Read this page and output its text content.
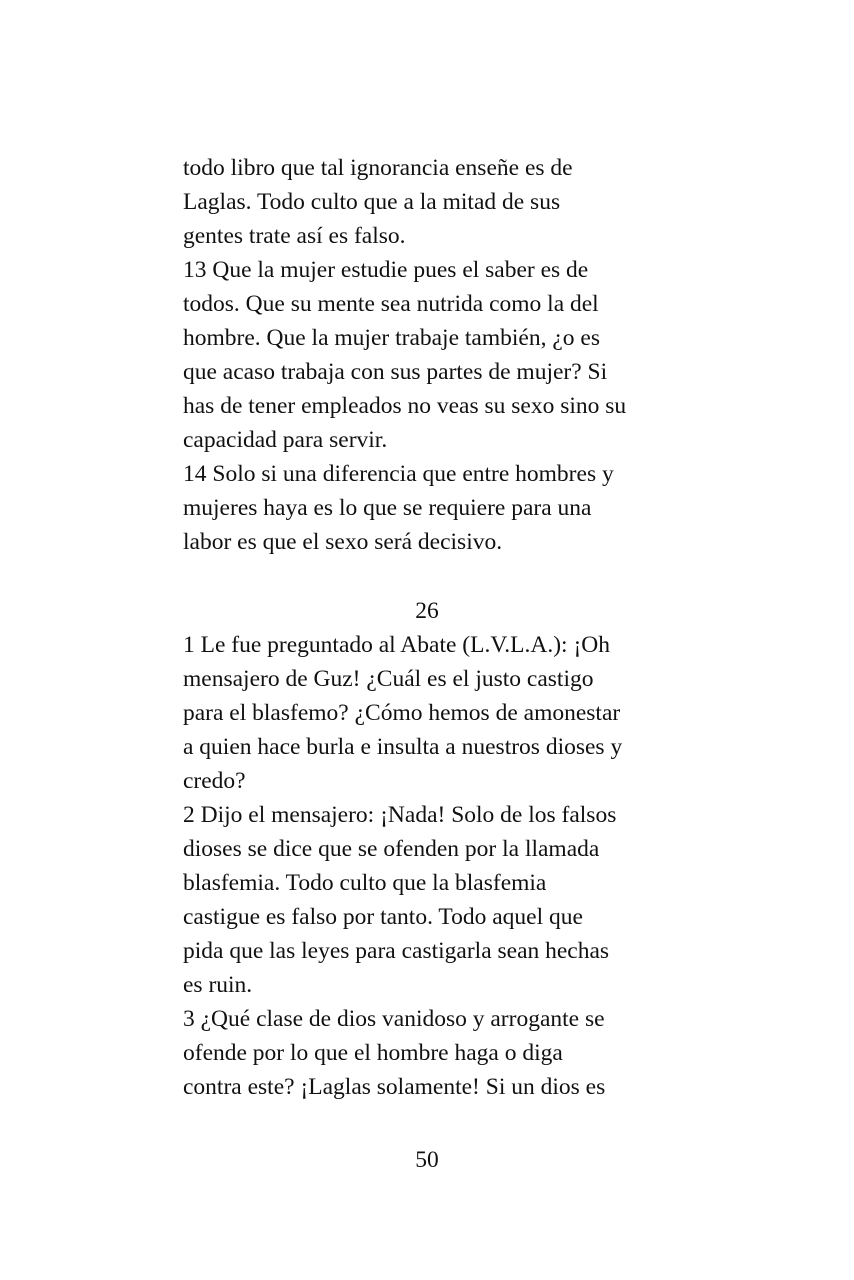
todo libro que tal ignorancia enseñe es de
Laglas. Todo culto que a la mitad de sus
gentes trate así es falso.
13 Que la mujer estudie pues el saber es de
todos. Que su mente sea nutrida como la del
hombre. Que la mujer trabaje también, ¿o es
que acaso trabaja con sus partes de mujer? Si
has de tener empleados no veas su sexo sino su
capacidad para servir.
14 Solo si una diferencia que entre hombres y
mujeres haya es lo que se requiere para una
labor es que el sexo será decisivo.
26
1 Le fue preguntado al Abate (L.V.L.A.): ¡Oh
mensajero de Guz! ¿Cuál es el justo castigo
para el blasfemo? ¿Cómo hemos de amonestar
a quien hace burla e insulta a nuestros dioses y
credo?
2 Dijo el mensajero: ¡Nada! Solo de los falsos
dioses se dice que se ofenden por la llamada
blasfemia. Todo culto que la blasfemia
castigue es falso por tanto. Todo aquel que
pida que las leyes para castigarla sean hechas
es ruin.
3 ¿Qué clase de dios vanidoso y arrogante se
ofende por lo que el hombre haga o diga
contra este? ¡Laglas solamente! Si un dios es
50
